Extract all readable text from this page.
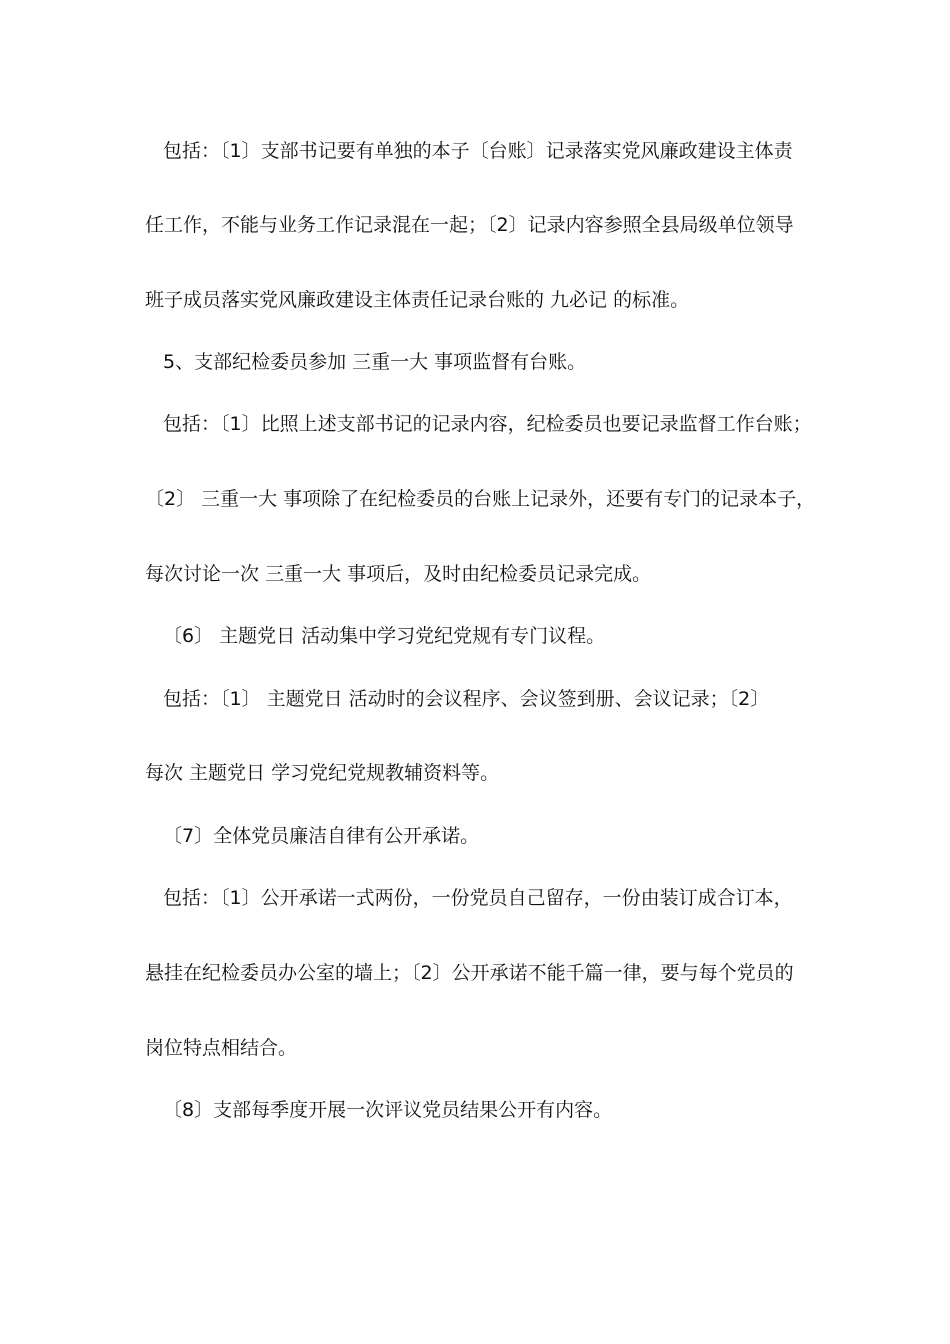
包括：〔1〕支部书记要有单独的本子〔台账〕记录落实党风廉政建设主体责
任工作，不能与业务工作记录混在一起；〔2〕记录内容参照全县局级单位领导
班子成员落实党风廉政建设主体责任记录台账的 九必记 的标准。
5、支部纪检委员参加 三重一大 事项监督有台账。
包括：〔1〕比照上述支部书记的记录内容，纪检委员也要记录监督工作台账；
〔2〕 三重一大 事项除了在纪检委员的台账上记录外，还要有专门的记录本子，
每次讨论一次 三重一大 事项后，及时由纪检委员记录完成。
〔6〕 主题党日 活动集中学习党纪党规有专门议程。
包括：〔1〕 主题党日 活动时的会议程序、会议签到册、会议记录；〔2〕
每次 主题党日 学习党纪党规教辅资料等。
〔7〕全体党员廉洁自律有公开承诺。
包括：〔1〕公开承诺一式两份，一份党员自己留存，一份由装订成合订本，
悬挂在纪检委员办公室的墙上；〔2〕公开承诺不能千篇一律，要与每个党员的
岗位特点相结合。
〔8〕支部每季度开展一次评议党员结果公开有内容。
